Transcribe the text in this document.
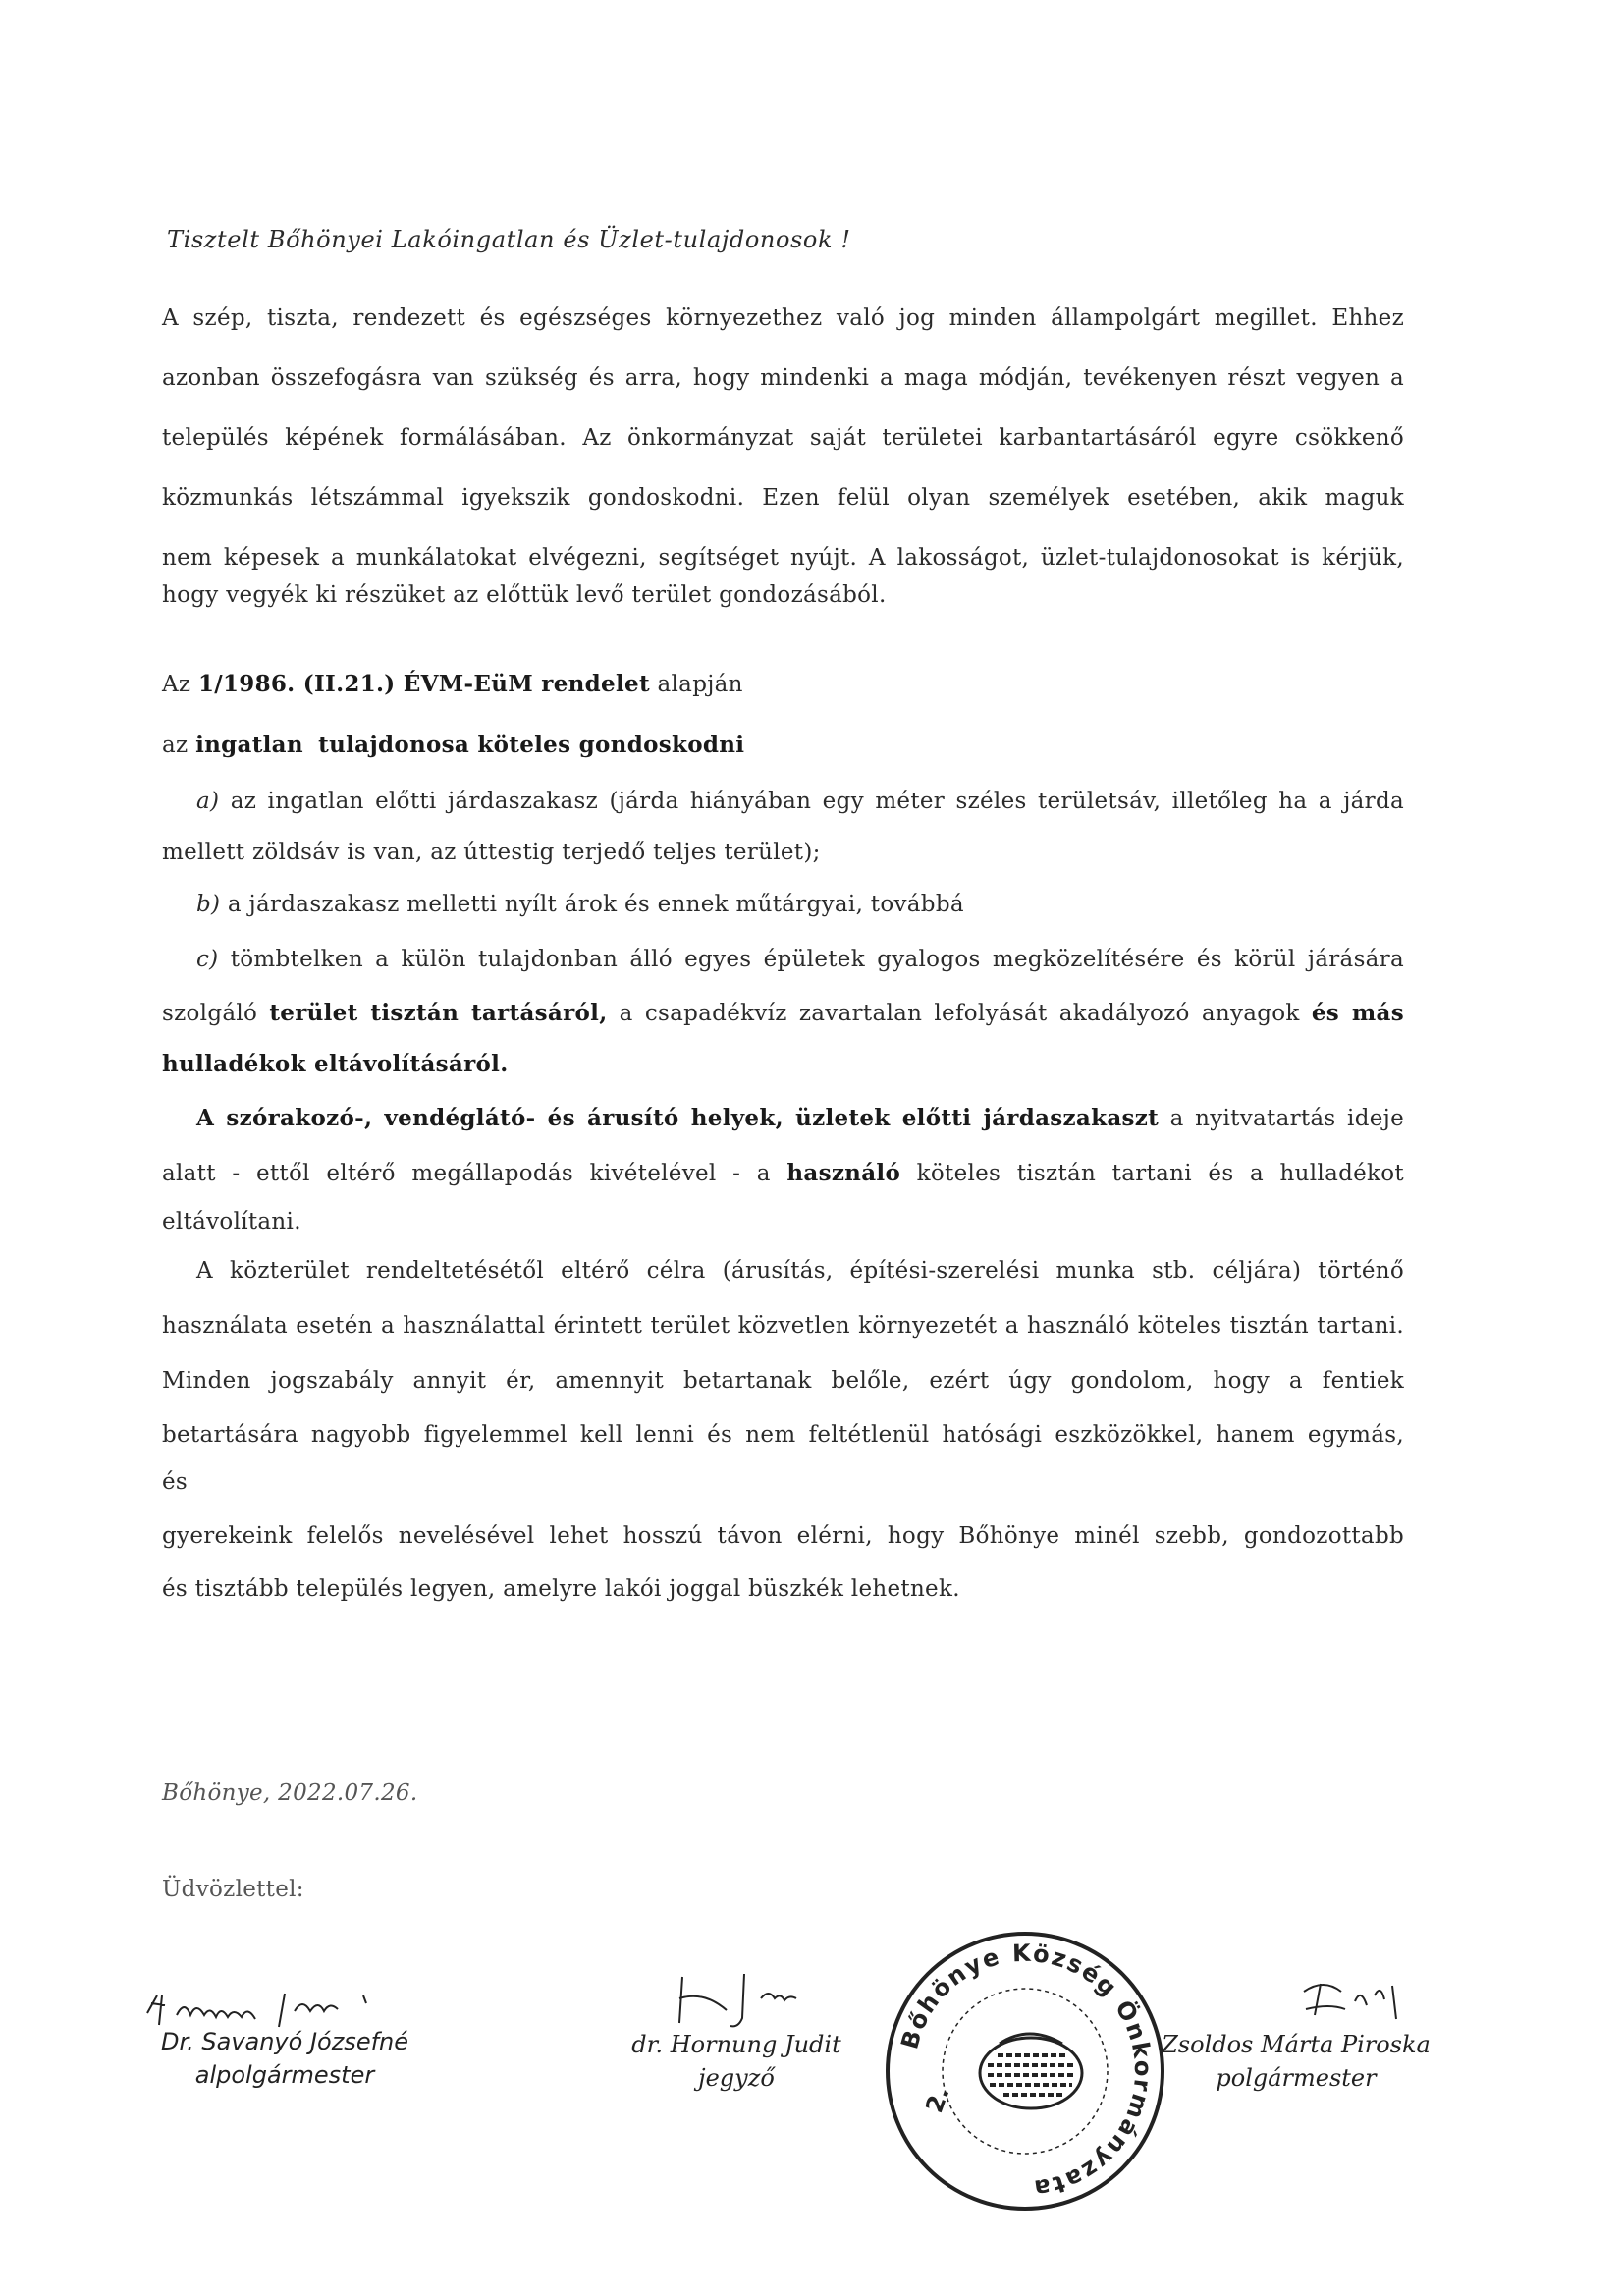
Tisztelt Bőhönyei Lakóingatlan és Üzlet-tulajdonosok !
A szép, tiszta, rendezett és egészséges környezethez való jog minden állampolgárt megillet. Ehhez
azonban összefogásra van szükség és arra, hogy mindenki a maga módján, tevékenyen részt vegyen a
település képének formálásában. Az önkormányzat saját területei karbantartásáról egyre csökkenő
közmunkás létszámmal igyekszik gondoskodni. Ezen felül olyan személyek esetében, akik maguk
nem képesek a munkálatokat elvégezni, segítséget nyújt. A lakosságot, üzlet-tulajdonosokat is kérjük,
hogy vegyék ki részüket az előttük levő terület gondozásából.
Az 1/1986. (II.21.) ÉVM-EüM rendelet alapján
az ingatlan tulajdonosa köteles gondoskodni
a) az ingatlan előtti járdaszakasz (járda hiányában egy méter széles területsáv, illetőleg ha a járda
mellett zöldsáv is van, az úttestig terjedő teljes terület);
b) a járdaszakasz melletti nyílt árok és ennek műtárgyai, továbbá
c) tömbtelken a külön tulajdonban álló egyes épületek gyalogos megközelítésére és körül járására
szolgáló terület tisztán tartásáról, a csapadékvíz zavartalan lefolyását akadályozó anyagok és más
hulladékok eltávolításáról.
A szórakozó-, vendéglátó- és árusító helyek, üzletek előtti járdaszakaszt a nyitvatartás ideje
alatt - ettől eltérő megállapodás kivételével - a használó köteles tisztán tartani és a hulladékot
eltávolítani.
A közterület rendeltetésétől eltérő célra (árusítás, építési-szerelési munka stb. céljára) történő
használata esetén a használattal érintett terület közvetlen környezetét a használó köteles tisztán tartani.
Minden jogszabály annyit ér, amennyit betartanak belőle, ezért úgy gondolom, hogy a fentiek
betartására nagyobb figyelemmel kell lenni és nem feltétlenül hatósági eszközökkel, hanem egymás,
és
gyerekeink felelős nevelésével lehet hosszú távon elérni, hogy Bőhönye minél szebb, gondozottabb
és tisztább település legyen, amelyre lakói joggal büszkék lehetnek.
Bőhönye, 2022.07.26.
Üdvözlettel:
Dr. Savanyó Józsefné
alpolgármester
dr. Hornung Judit
jegyző
Zsoldos Márta Piroska
polgármester
Bőhönye Község Önkormányzata
2.
